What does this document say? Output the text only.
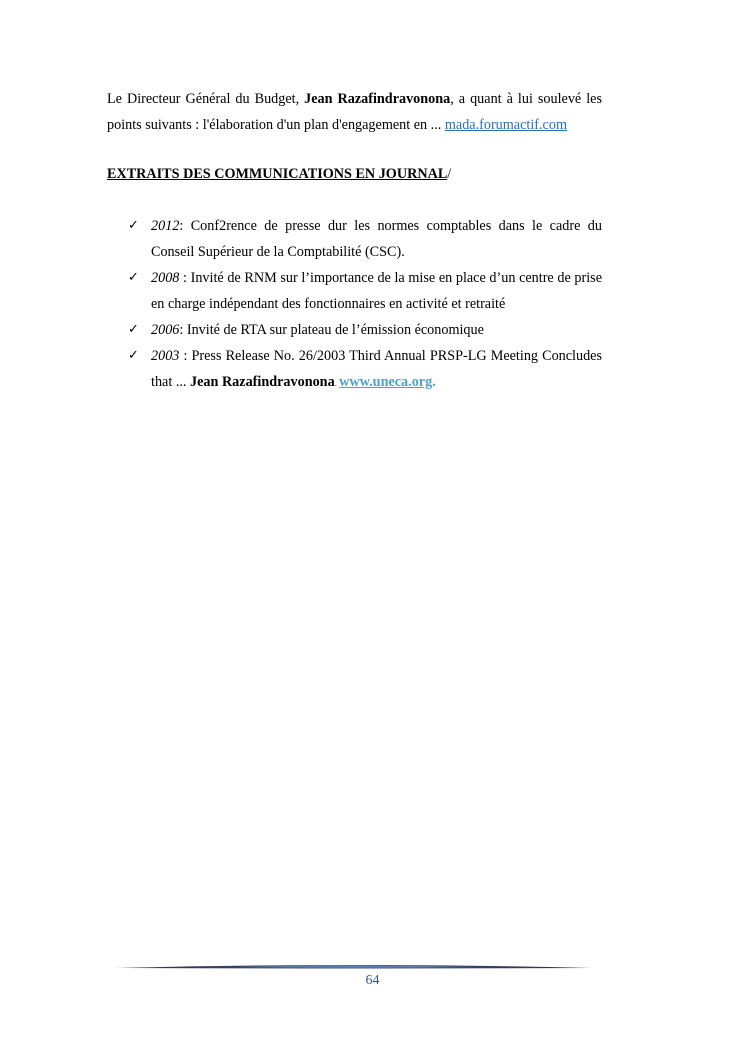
Le Directeur Général du Budget, Jean Razafindravonona, a quant à lui soulevé les points suivants : l'élaboration d'un plan d'engagement en ... mada.forumactif.com

EXTRAITS DES COMMUNICATIONS EN JOURNAL/

✓ 2012: Conf2rence de presse dur les normes comptables dans le cadre du Conseil Supérieur de la Comptabilité (CSC).
✓ 2008 : Invité de RNM sur l’importance de la mise en place d’un centre de prise en charge indépendant des fonctionnaires en activité et retraité
✓ 2006: Invité de RTA sur plateau de l’émission économique
✓ 2003 : Press Release No. 26/2003 Third Annual PRSP-LG Meeting Concludes that ... Jean Razafindravonona. www.uneca.org.
64
